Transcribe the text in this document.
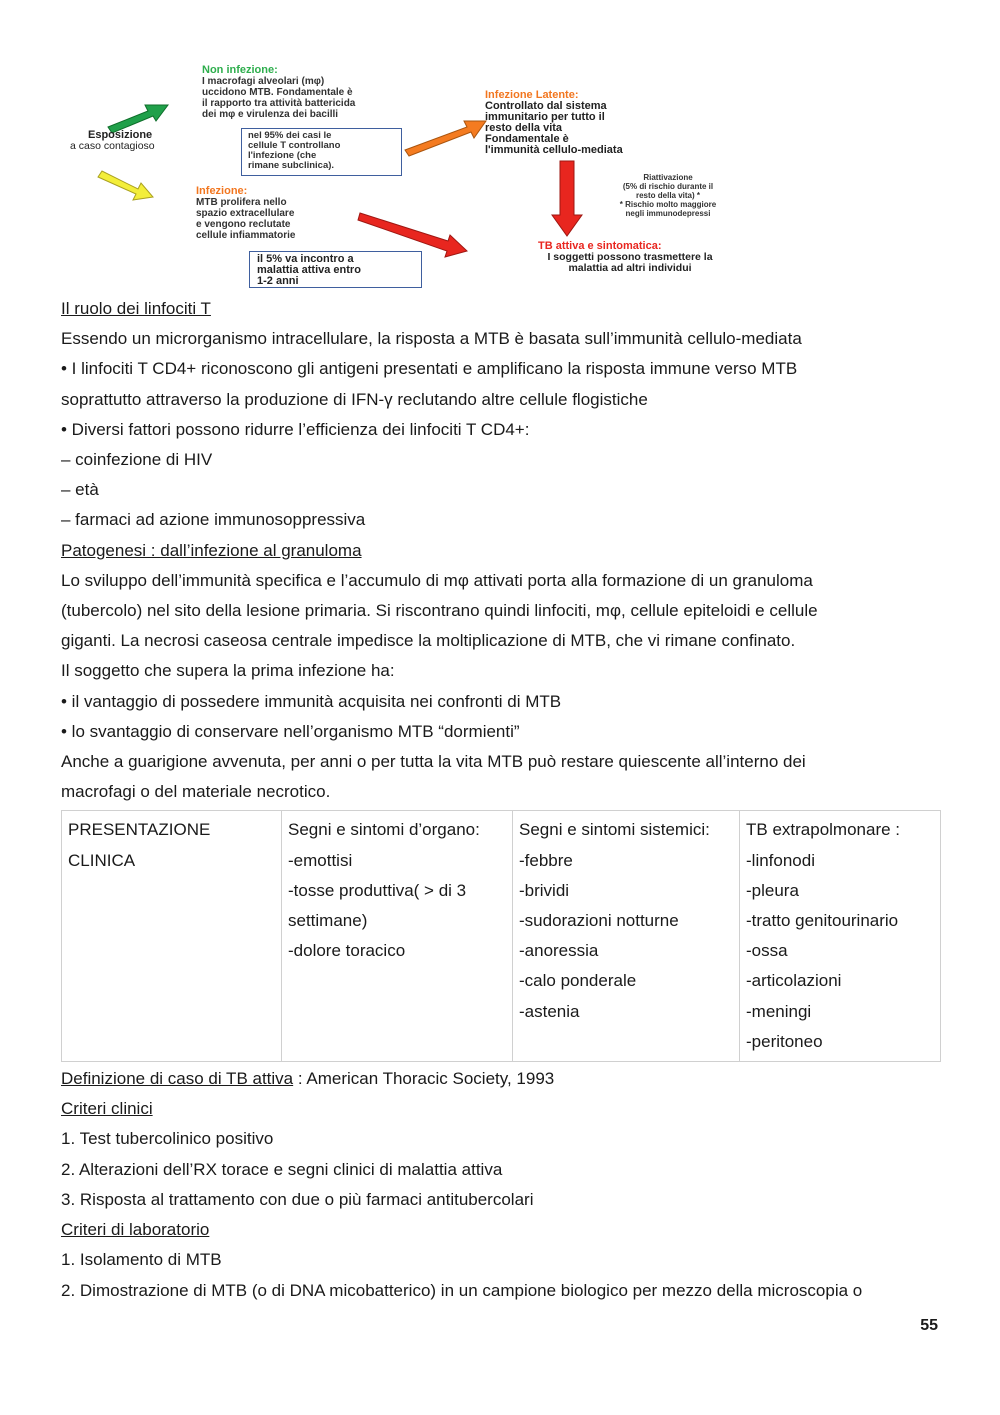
Non infezione:
I macrofagi alveolari (mφ)
uccidono MTB. Fondamentale è
il rapporto tra attività battericida
dei mφ e virulenza dei bacilli
Esposizione
a caso contagioso
nel 95% dei casi le
cellule T controllano
l'infezione (che
rimane subclinica).
Infezione:
MTB prolifera nello
spazio extracellulare
e vengono reclutate
cellule infiammatorie
il 5% va incontro a
malattia attiva entro
1-2 anni
Infezione Latente:
Controllato dal sistema
immunitario per tutto il
resto della vita
Fondamentale è
l'immunità cellulo-mediata
Riattivazione
(5% di rischio durante il
resto della vita) *
* Rischio molto maggiore
negli immunodepressi
TB attiva e sintomatica:
I soggetti possono trasmettere la
malattia ad altri individui
Il ruolo dei linfociti T
Essendo un microrganismo intracellulare, la risposta a MTB è basata sull’immunità cellulo-mediata
• I linfociti T CD4+ riconoscono gli antigeni presentati e amplificano la risposta immune verso MTB
soprattutto attraverso la produzione di IFN-γ reclutando altre cellule flogistiche
• Diversi fattori possono ridurre l’efficienza dei linfociti T CD4+:
– coinfezione di HIV
– età
– farmaci ad azione immunosoppressiva
Patogenesi : dall’infezione al granuloma
Lo sviluppo dell’immunità specifica e l’accumulo di mφ attivati porta alla formazione di un granuloma
(tubercolo) nel sito della lesione primaria. Si riscontrano quindi linfociti, mφ, cellule epiteloidi e cellule
giganti. La necrosi caseosa centrale impedisce la moltiplicazione di MTB, che vi rimane confinato.
Il soggetto che supera la prima infezione ha:
• il vantaggio di possedere immunità acquisita nei confronti di MTB
• lo svantaggio di conservare nell’organismo MTB “dormienti”
Anche a guarigione avvenuta, per anni o per tutta la vita MTB può restare quiescente all’interno dei
macrofagi o del materiale necrotico.
PRESENTAZIONE
CLINICA

Segni e sintomi d’organo:
-emottisi
-tosse produttiva( > di 3
settimane)
-dolore toracico

Segni e sintomi sistemici:
-febbre
-brividi
-sudorazioni notturne
-anoressia
-calo ponderale
-astenia

TB extrapolmonare :
-linfonodi
-pleura
-tratto genitourinario
-ossa
-articolazioni
-meningi
-peritoneo
Definizione di caso di TB attiva : American Thoracic Society, 1993
Criteri clinici
1. Test tubercolinico positivo
2. Alterazioni dell’RX torace e segni clinici di malattia attiva
3. Risposta al trattamento con due o più farmaci antitubercolari
Criteri di laboratorio
1. Isolamento di MTB
2. Dimostrazione di MTB (o di DNA micobatterico) in un campione biologico per mezzo della microscopia o
55
